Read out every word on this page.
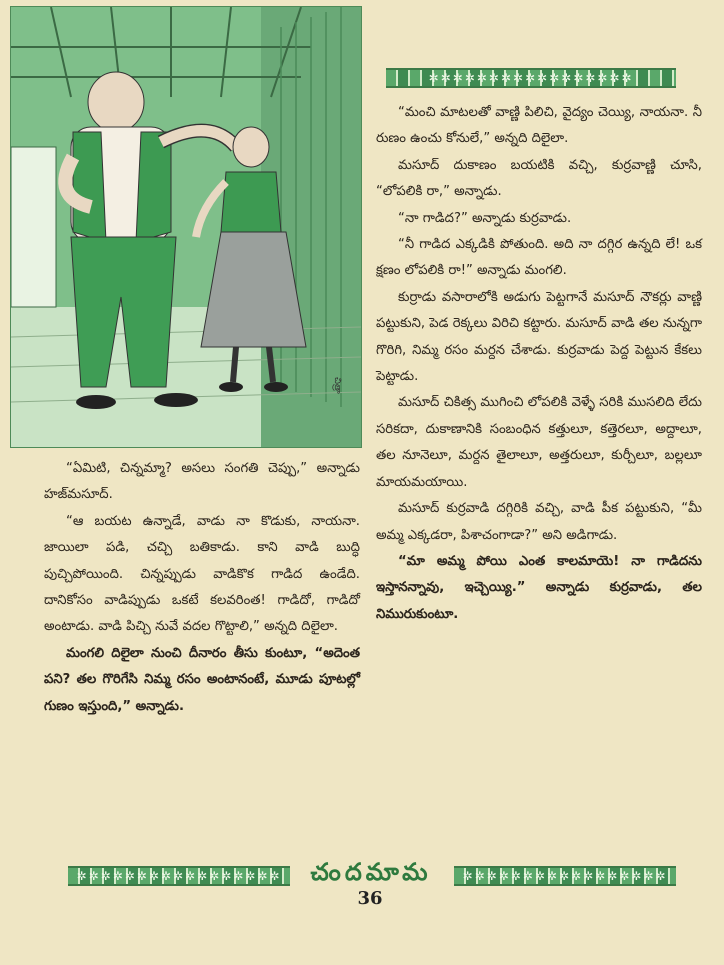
చిత్రా
✲✲✲✲✲✲✲✲✲✲✲✲✲✲✲✲✲

“ఏమిటి, చిన్నమ్మా? అసలు సంగతి చెప్పు,” అన్నాడు హజ్‌మసూద్.

“ఆ బయట ఉన్నాడే, వాడు నా కొడుకు, నాయనా. జాయిలా పడి, చచ్చి బతికాడు. కాని వాడి బుద్ధి పుచ్చిపోయింది. చిన్నప్పుడు వాడికొక గాడిద ఉండేది. దానికోసం వాడిప్పుడు ఒకటే కలవరింత! గాడిదో, గాడిదో అంటాడు. వాడి పిచ్చి నువే వదల గొట్టాలి,” అన్నది దిలైలా.

మంగలి దిలైలా నుంచి దీనారం తీసు కుంటూ, “అదెంత పని? తల గొరిగేసి నిమ్మ రసం అంటానంటే, మూడు పూటల్లో గుణం ఇస్తుంది,” అన్నాడు.

“మంచి మాటలతో వాణ్ణి పిలిచి, వైద్యం చెయ్యి, నాయనా. నీ రుణం ఉంచు కోనులే,” అన్నది దిలైలా.

మసూద్ దుకాణం బయటికి వచ్చి, కుర్రవాణ్ణి చూసి, “లోపలికి రా,” అన్నాడు.

“నా గాడిద?” అన్నాడు కుర్రవాడు.

“నీ గాడిద ఎక్కడికి పోతుంది. అది నా దగ్గిర ఉన్నది లే! ఒక క్షణం లోపలికి రా!” అన్నాడు మంగలి.

కుర్రాడు వసారాలోకి అడుగు పెట్టగానే మసూద్ నౌకర్లు వాణ్ణి పట్టుకుని, పెడ రెక్కలు విరిచి కట్టారు. మసూద్ వాడి తల నున్నగా గొరిగి, నిమ్మ రసం మర్దన చేశాడు. కుర్రవాడు పెద్ద పెట్టున కేకలు పెట్టాడు.

మసూద్ చికిత్స ముగించి లోపలికి వెళ్ళే సరికి ముసలిది లేదు సరికదా, దుకాణానికి సంబంధిన కత్తులూ, కత్తెరలూ, అద్దాలూ, తల నూనెలూ, మర్దన తైలాలూ, అత్తరులూ, కుర్చీలూ, బల్లలూ మాయమయాయి.

మసూద్ కుర్రవాడి దగ్గిరికి వచ్చి, వాడి పీక పట్టుకుని, “మీ అమ్మ ఎక్కడరా, పిశాచంగాడా?” అని అడిగాడు.

“మా అమ్మ పోయి ఎంత కాలమాయె! నా గాడిదను ఇస్తానన్నావు, ఇచ్చెయ్యి.” అన్నాడు కుర్రవాడు, తల నిమురుకుంటూ.

✲✲✲✲✲✲✲✲✲✲✲✲✲✲✲✲✲	✲✲✲✲✲✲✲✲✲✲✲✲✲✲✲✲✲
చందమామ
36
